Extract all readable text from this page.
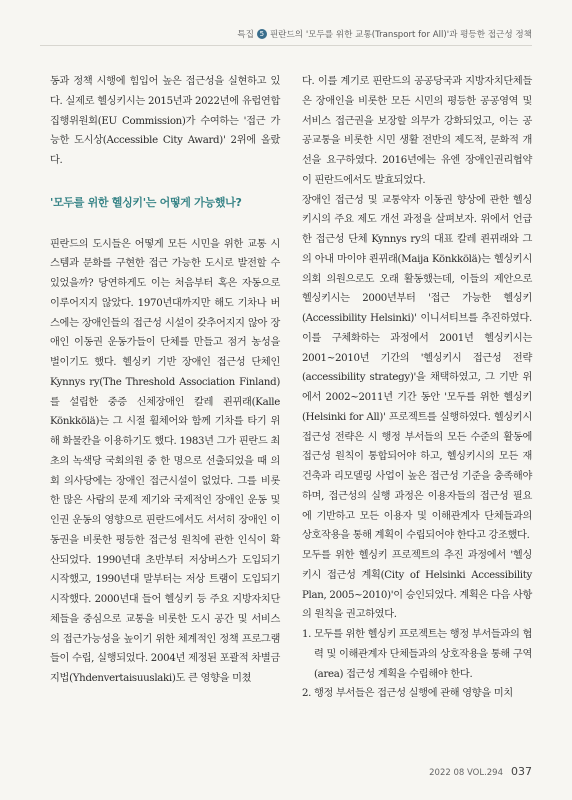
특집 5 핀란드의 '모두를 위한 교통(Transport for All)'과 평등한 접근성 정책

동과 정책 시행에 힘입어 높은 접근성을 실현하고 있다. 실제로 헬싱키시는 2015년과 2022년에 유럽연합집행위원회(EU Commission)가 수여하는 '접근 가능한 도시상(Accessible City Award)' 2위에 올랐다.

'모두를 위한 헬싱키'는 어떻게 가능했나?

핀란드의 도시들은 어떻게 모든 시민을 위한 교통 시스템과 문화를 구현한 접근 가능한 도시로 발전할 수 있었을까? 당연하게도 이는 처음부터 혹은 자동으로 이루어지지 않았다. 1970년대까지만 해도 기차나 버스에는 장애인들의 접근성 시설이 갖추어지지 않아 장애인 이동권 운동가들이 단체를 만들고 점거 농성을 벌이기도 했다. 헬싱키 기반 장애인 접근성 단체인 Kynnys ry(The Threshold Association Finland)를 설립한 중증 신체장애인 칼레 쾬뀌래(Kalle Könkkölä)는 그 시절 휠체어와 함께 기차를 타기 위해 화물칸을 이용하기도 했다. 1983년 그가 핀란드 최초의 녹색당 국회의원 중 한 명으로 선출되었을 때 의회 의사당에는 장애인 접근시설이 없었다. 그를 비롯한 많은 사람의 문제 제기와 국제적인 장애인 운동 및 인권 운동의 영향으로 핀란드에서도 서서히 장애인 이동권을 비롯한 평등한 접근성 원칙에 관한 인식이 확산되었다. 1990년대 초반부터 저상버스가 도입되기 시작했고, 1990년대 말부터는 저상 트램이 도입되기 시작했다. 2000년대 들어 헬싱키 등 주요 지방자치단체들을 중심으로 교통을 비롯한 도시 공간 및 서비스의 접근가능성을 높이기 위한 체계적인 정책 프로그램들이 수립, 실행되었다. 2004년 제정된 포괄적 차별금지법(Yhdenvertaisuuslaki)도 큰 영향을 미쳤

다. 이를 계기로 핀란드의 공공당국과 지방자치단체들은 장애인을 비롯한 모든 시민의 평등한 공공영역 및 서비스 접근권을 보장할 의무가 강화되었고, 이는 공공교통을 비롯한 시민 생활 전반의 제도적, 문화적 개선을 요구하였다. 2016년에는 유엔 장애인권리협약이 핀란드에서도 발효되었다.

장애인 접근성 및 교통약자 이동권 향상에 관한 헬싱키시의 주요 제도 개선 과정을 살펴보자. 위에서 언급한 접근성 단체 Kynnys ry의 대표 칼레 쾬뀌래와 그의 아내 마이야 쾬뀌래(Maija Könkkölä)는 헬싱키시의회 의원으로도 오래 활동했는데, 이들의 제안으로 헬싱키시는 2000년부터 '접근 가능한 헬싱키(Accessibility Helsinki)' 이니셔티브를 추진하였다. 이를 구체화하는 과정에서 2001년 헬싱키시는 2001~2010년 기간의 '헬싱키시 접근성 전략(accessibility strategy)'을 채택하였고, 그 기반 위에서 2002~2011년 기간 동안 '모두를 위한 헬싱키(Helsinki for All)' 프로젝트를 실행하였다. 헬싱키시 접근성 전략은 시 행정 부서들의 모든 수준의 활동에 접근성 원칙이 통합되어야 하고, 헬싱키시의 모든 재건축과 리모델링 사업이 높은 접근성 기준을 충족해야 하며, 접근성의 실행 과정은 이용자들의 접근성 필요에 기반하고 모든 이용자 및 이해관계자 단체들과의 상호작용을 통해 계획이 수립되어야 한다고 강조했다.

모두를 위한 헬싱키 프로젝트의 추진 과정에서 '헬싱키시 접근성 계획(City of Helsinki Accessibility Plan, 2005~2010)'이 승인되었다. 계획은 다음 사항의 원칙을 권고하였다.

1. 모두를 위한 헬싱키 프로젝트는 행정 부서들과의 협력 및 이해관계자 단체들과의 상호작용을 통해 구역(area) 접근성 계획을 수립해야 한다.
2. 행정 부서들은 접근성 실행에 관해 영향을 미치
2022 08 VOL.294 037
